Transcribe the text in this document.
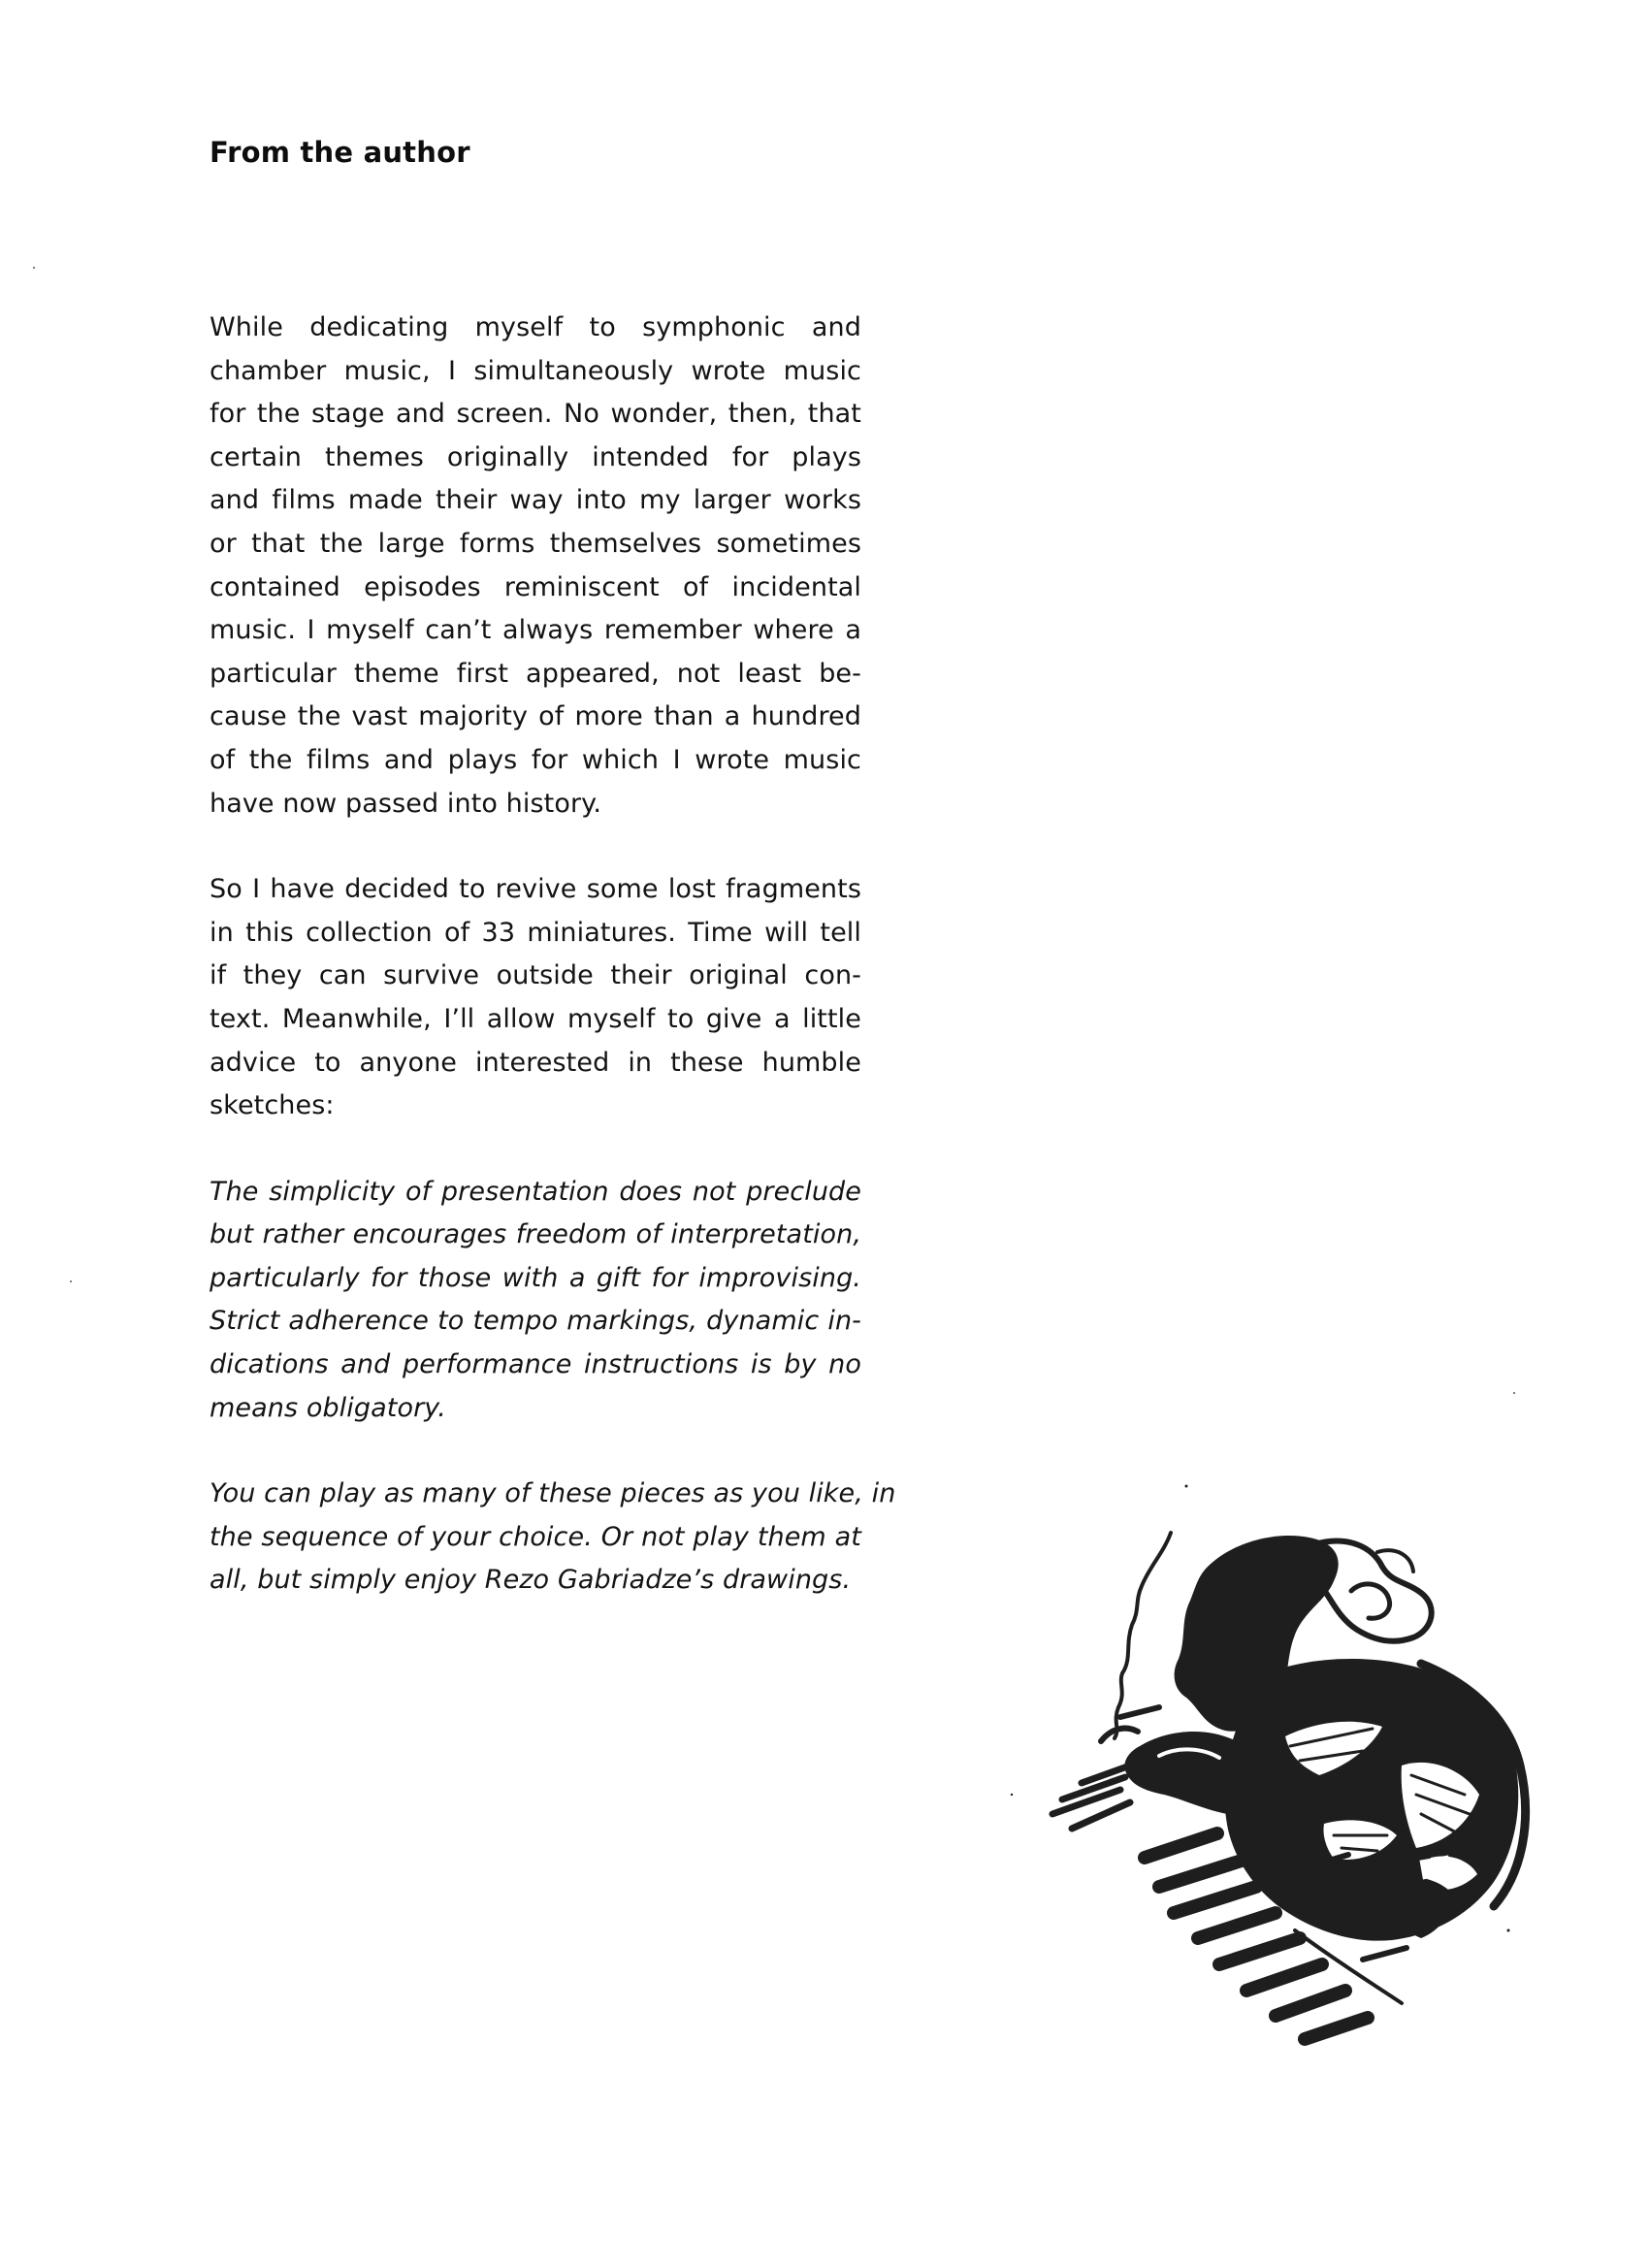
From the author

While dedicating myself to symphonic and
chamber music, I simultaneously wrote music
for the stage and screen. No wonder, then, that
certain themes originally intended for plays
and films made their way into my larger works
or that the large forms themselves sometimes
contained episodes reminiscent of incidental
music. I myself can’t always remember where a
particular theme first appeared, not least be-
cause the vast majority of more than a hundred
of the films and plays for which I wrote music
have now passed into history.

So I have decided to revive some lost fragments
in this collection of 33 miniatures. Time will tell
if they can survive outside their original con-
text. Meanwhile, I’ll allow myself to give a little
advice to anyone interested in these humble
sketches:

The simplicity of presentation does not preclude
but rather encourages freedom of interpretation,
particularly for those with a gift for improvising.
Strict adherence to tempo markings, dynamic in-
dications and performance instructions is by no
means obligatory.

You can play as many of these pieces as you like, in
the sequence of your choice. Or not play them at
all, but simply enjoy Rezo Gabriadze’s drawings.
